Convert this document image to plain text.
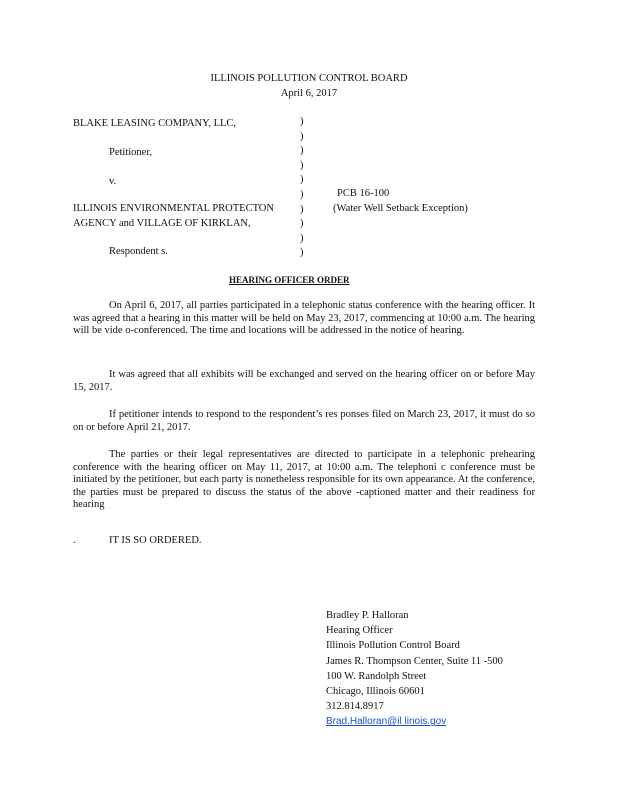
ILLINOIS POLLUTION CONTROL BOARD
April 6, 2017
BLAKE LEASING COMPANY, LLC,
Petitioner,
v.
ILLINOIS ENVIRONMENTAL PROTECTON
AGENCY and VILLAGE OF KIRKLAN,
Respondent s.
)
)
)
)
)
)
)
)
)
)
PCB 16-100
(Water Well Setback Exception)
HEARING OFFICER ORDER
On April 6, 2017, all parties participated in a telephonic status conference with the hearing officer. It was agreed that a hearing in this matter will be held on May 23, 2017, commencing at 10:00 a.m. The hearing will be vide o-conferenced. The time and locations will be addressed in the notice of hearing.
It was agreed that all exhibits will be exchanged and served on the hearing officer on or before May 15, 2017.
If petitioner intends to respond to the respondent’s res ponses filed on March 23, 2017, it must do so on or before April 21, 2017.
The parties or their legal representatives are directed to participate in a telephonic prehearing conference with the hearing officer on May 11, 2017, at 10:00 a.m. The telephoni c conference must be initiated by the petitioner, but each party is nonetheless responsible for its own appearance. At the conference, the parties must be prepared to discuss the status of the above -captioned matter and their readiness for hearing
.	IT IS SO ORDERED.
Bradley P. Halloran
Hearing Officer
Illinois Pollution Control Board
James R. Thompson Center, Suite 11 -500
100 W. Randolph Street
Chicago, Illinois 60601
312.814.8917
Brad.Halloran@il linois.gov
